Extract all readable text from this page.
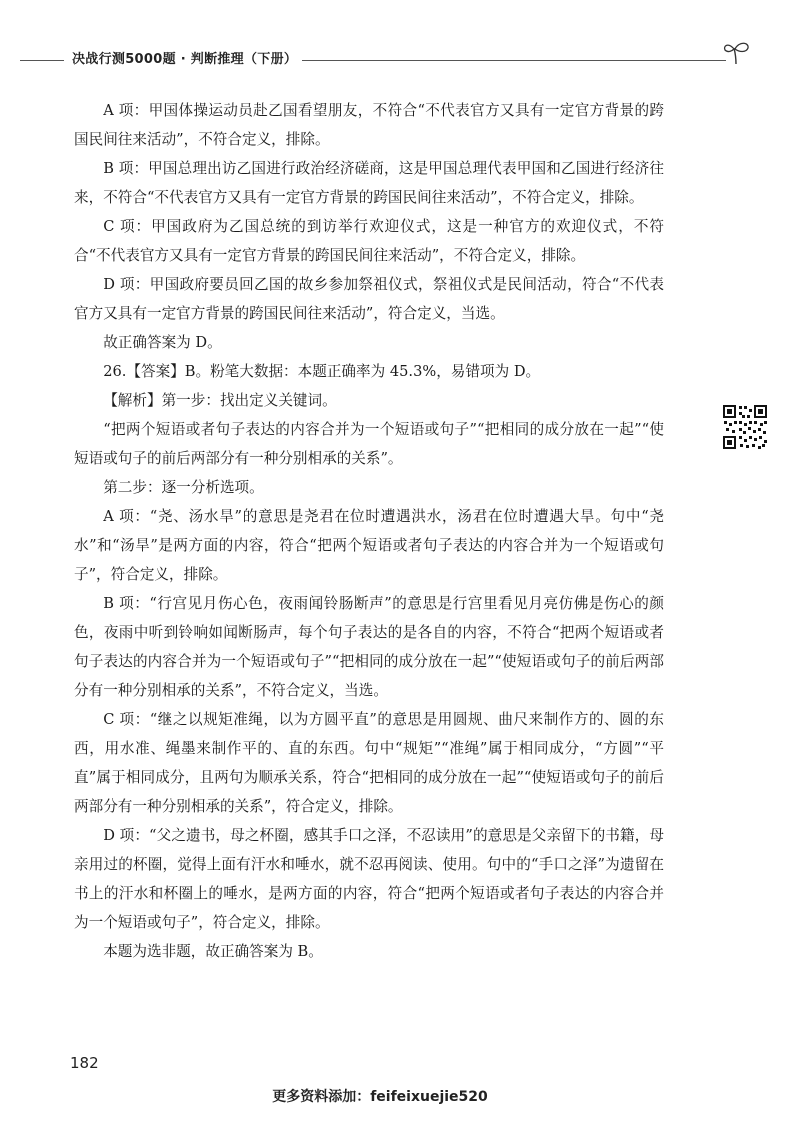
决战行测5000题 · 判断推理（下册）

A 项：甲国体操运动员赴乙国看望朋友，不符合“不代表官方又具有一定官方背景的跨国民间往来活动”，不符合定义，排除。

B 项：甲国总理出访乙国进行政治经济磋商，这是甲国总理代表甲国和乙国进行经济往来，不符合“不代表官方又具有一定官方背景的跨国民间往来活动”，不符合定义，排除。

C 项：甲国政府为乙国总统的到访举行欢迎仪式，这是一种官方的欢迎仪式，不符合“不代表官方又具有一定官方背景的跨国民间往来活动”，不符合定义，排除。

D 项：甲国政府要员回乙国的故乡参加祭祖仪式，祭祖仪式是民间活动，符合“不代表官方又具有一定官方背景的跨国民间往来活动”，符合定义，当选。

故正确答案为 D。

26.【答案】B。粉笔大数据：本题正确率为 45.3%，易错项为 D。

【解析】第一步：找出定义关键词。

“把两个短语或者句子表达的内容合并为一个短语或句子”“把相同的成分放在一起”“使短语或句子的前后两部分有一种分别相承的关系”。

第二步：逐一分析选项。

A 项：“尧、汤水旱”的意思是尧君在位时遭遇洪水，汤君在位时遭遇大旱。句中“尧水”和“汤旱”是两方面的内容，符合“把两个短语或者句子表达的内容合并为一个短语或句子”，符合定义，排除。

B 项：“行宫见月伤心色，夜雨闻铃肠断声”的意思是行宫里看见月亮仿佛是伤心的颜色，夜雨中听到铃响如闻断肠声，每个句子表达的是各自的内容，不符合“把两个短语或者句子表达的内容合并为一个短语或句子”“把相同的成分放在一起”“使短语或句子的前后两部分有一种分别相承的关系”，不符合定义，当选。

C 项：“继之以规矩准绳，以为方圆平直”的意思是用圆规、曲尺来制作方的、圆的东西，用水准、绳墨来制作平的、直的东西。句中“规矩”“准绳”属于相同成分，“方圆”“平直”属于相同成分，且两句为顺承关系，符合“把相同的成分放在一起”“使短语或句子的前后两部分有一种分别相承的关系”，符合定义，排除。

D 项：“父之遗书，母之杯圈，感其手口之泽，不忍读用”的意思是父亲留下的书籍，母亲用过的杯圈，觉得上面有汗水和唾水，就不忍再阅读、使用。句中的“手口之泽”为遗留在书上的汗水和杯圈上的唾水，是两方面的内容，符合“把两个短语或者句子表达的内容合并为一个短语或句子”，符合定义，排除。

本题为选非题，故正确答案为 B。

182
更多资料添加：feifeixuejie520
